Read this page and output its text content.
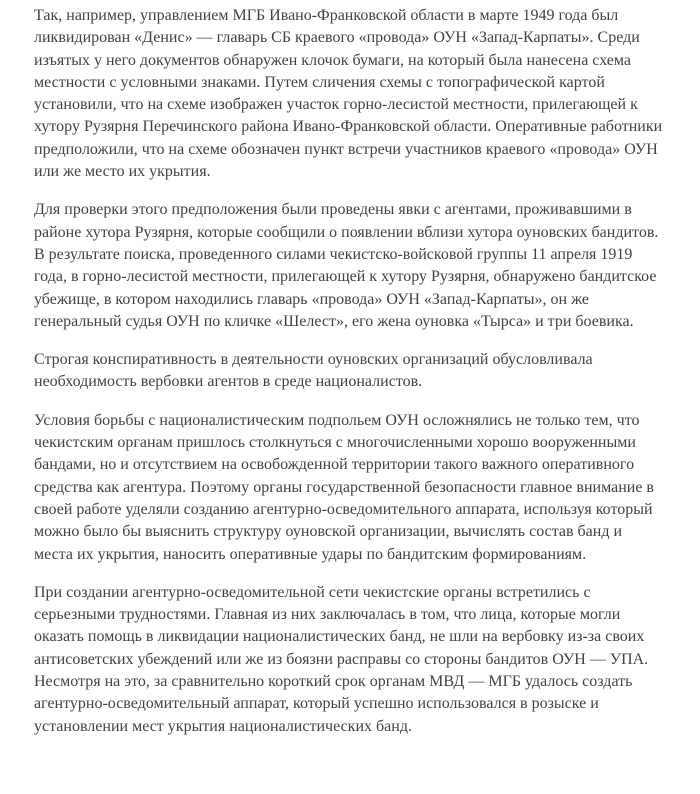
Так, например, управлением МГБ Ивано-Франковской области в марте 1949 года был ликвидирован «Денис» — главарь СБ краевого «провода» ОУН «Запад-Карпаты». Среди изъятых у него документов обнаружен клочок бумаги, на который была нанесена схема местности с условными знаками. Путем сличения схемы с топографической картой установили, что на схеме изображен участок горно-лесистой местности, прилегающей к хутору Рузярня Перечинского района Ивано-Франковской области. Оперативные работники предположили, что на схеме обозначен пункт встречи участников краевого «провода» ОУН или же место их укрытия.

Для проверки этого предположения были проведены явки с агентами, проживавшими в районе хутора Рузярня, которые сообщили о появлении вблизи хутора оуновских бандитов. В результате поиска, проведенного силами чекистско-войсковой группы 11 апреля 1919 года, в горно-лесистой местности, прилегающей к хутору Рузярня, обнаружено бандитское убежище, в котором находились главарь «провода» ОУН «Запад-Карпаты», он же генеральный судья ОУН по кличке «Шелест», его жена оуновка «Тырса» и три боевика.

Строгая конспиративность в деятельности оуновских организаций обусловливала необходимость вербовки агентов в среде националистов.

Условия борьбы с националистическим подпольем ОУН осложнялись не только тем, что чекистским органам пришлось столкнуться с многочисленными хорошо вооруженными бандами, но и отсутствием на освобожденной территории такого важного оперативного средства как агентура. Поэтому органы государственной безопасности главное внимание в своей работе уделяли созданию агентурно-осведомительного аппарата, используя который можно было бы выяснить структуру оуновской организации, вычислять состав банд и места их укрытия, наносить оперативные удары по бандитским формированиям.

При создании агентурно-осведомительной сети чекистские органы встретились с серьезными трудностями. Главная из них заключалась в том, что лица, которые могли оказать помощь в ликвидации националистических банд, не шли на вербовку из-за своих антисоветских убеждений или же из боязни расправы со стороны бандитов ОУН — УПА. Несмотря на это, за сравнительно короткий срок органам МВД — МГБ удалось создать агентурно-осведомительный аппарат, который успешно использовался в розыске и установлении мест укрытия националистических банд.
